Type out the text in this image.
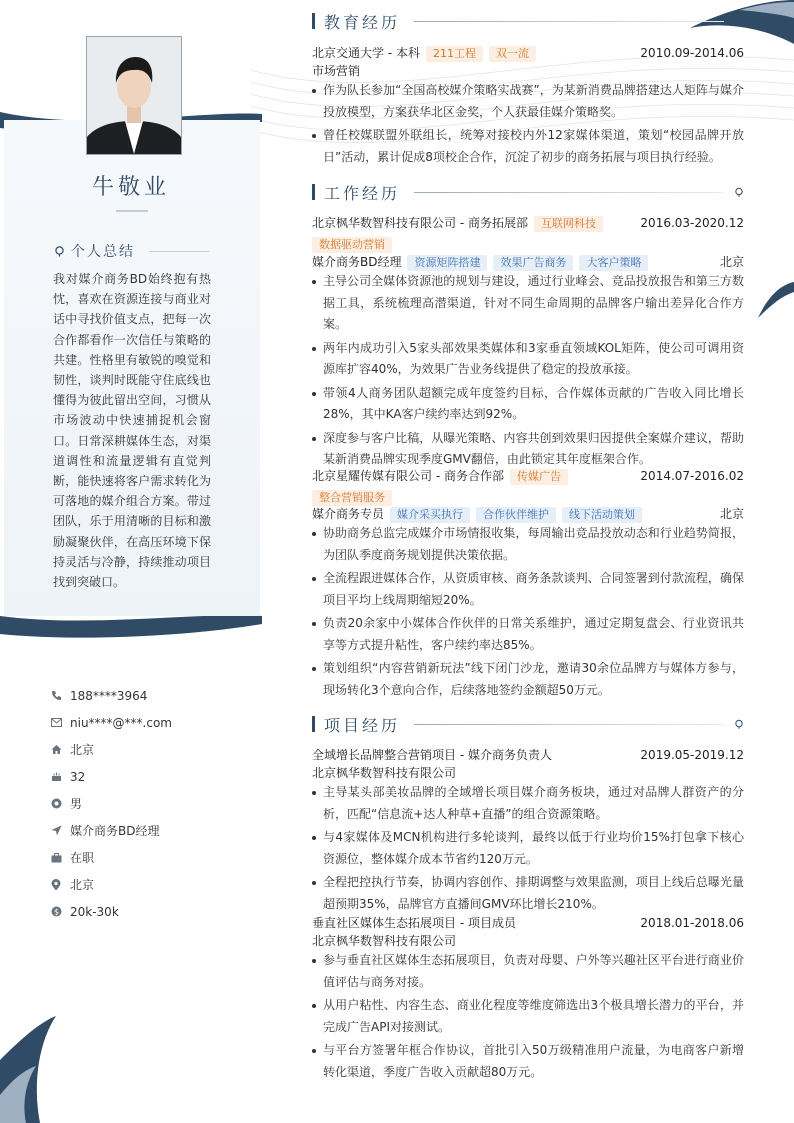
牛敬业
个人总结
我对媒介商务BD始终抱有热忱，喜欢在资源连接与商业对话中寻找价值支点，把每一次合作都看作一次信任与策略的共建。性格里有敏锐的嗅觉和韧性，谈判时既能守住底线也懂得为彼此留出空间，习惯从市场波动中快速捕捉机会窗口。日常深耕媒体生态，对渠道调性和流量逻辑有直觉判断，能快速将客户需求转化为可落地的媒介组合方案。带过团队，乐于用清晰的目标和激励凝聚伙伴，在高压环境下保持灵活与冷静，持续推动项目找到突破口。
188****3964
niu****@***.com
北京
32
男
媒介商务BD经理
在职
北京
$ 20k-30k
教育经历
北京交通大学 - 本科 211工程 双一流	2010.09-2014.06
市场营销
作为队长参加“全国高校媒介策略实战赛”，为某新消费品牌搭建达人矩阵与媒介投放模型，方案获华北区金奖，个人获最佳媒介策略奖。
曾任校媒联盟外联组长，统筹对接校内外12家媒体渠道，策划“校园品牌开放日”活动，累计促成8项校企合作，沉淀了初步的商务拓展与项目执行经验。
工作经历
北京枫华数智科技有限公司 - 商务拓展部 互联网科技	2016.03-2020.12
数据驱动营销
媒介商务BD经理 资源矩阵搭建 效果广告商务 大客户策略	北京
主导公司全媒体资源池的规划与建设，通过行业峰会、竞品投放报告和第三方数据工具，系统梳理高潜渠道，针对不同生命周期的品牌客户输出差异化合作方案。
两年内成功引入5家头部效果类媒体和3家垂直领域KOL矩阵，使公司可调用资源库扩容40%，为效果广告业务线提供了稳定的投放承接。
带领4人商务团队超额完成年度签约目标，合作媒体贡献的广告收入同比增长28%，其中KA客户续约率达到92%。
深度参与客户比稿，从曝光策略、内容共创到效果归因提供全案媒介建议，帮助某新消费品牌实现季度GMV翻倍，由此锁定其年度框架合作。
北京星耀传媒有限公司 - 商务合作部 传媒广告	2014.07-2016.02
整合营销服务
媒介商务专员 媒介采买执行 合作伙伴维护 线下活动策划	北京
协助商务总监完成媒介市场情报收集，每周输出竞品投放动态和行业趋势简报，为团队季度商务规划提供决策依据。
全流程跟进媒体合作，从资质审核、商务条款谈判、合同签署到付款流程，确保项目平均上线周期缩短20%。
负责20余家中小媒体合作伙伴的日常关系维护，通过定期复盘会、行业资讯共享等方式提升粘性，客户续约率达85%。
策划组织“内容营销新玩法”线下闭门沙龙，邀请30余位品牌方与媒体方参与，现场转化3个意向合作，后续落地签约金额超50万元。
项目经历
全域增长品牌整合营销项目 - 媒介商务负责人	2019.05-2019.12
北京枫华数智科技有限公司
主导某头部美妆品牌的全域增长项目媒介商务板块，通过对品牌人群资产的分析，匹配“信息流+达人种草+直播”的组合资源策略。
与4家媒体及MCN机构进行多轮谈判，最终以低于行业均价15%打包拿下核心资源位，整体媒介成本节省约120万元。
全程把控执行节奏，协调内容创作、排期调整与效果监测，项目上线后总曝光量超预期35%，品牌官方直播间GMV环比增长210%。
垂直社区媒体生态拓展项目 - 项目成员	2018.01-2018.06
北京枫华数智科技有限公司
参与垂直社区媒体生态拓展项目，负责对母婴、户外等兴趣社区平台进行商业价值评估与商务对接。
从用户粘性、内容生态、商业化程度等维度筛选出3个极具增长潜力的平台，并完成广告API对接测试。
与平台方签署年框合作协议，首批引入50万级精准用户流量，为电商客户新增转化渠道，季度广告收入贡献超80万元。
